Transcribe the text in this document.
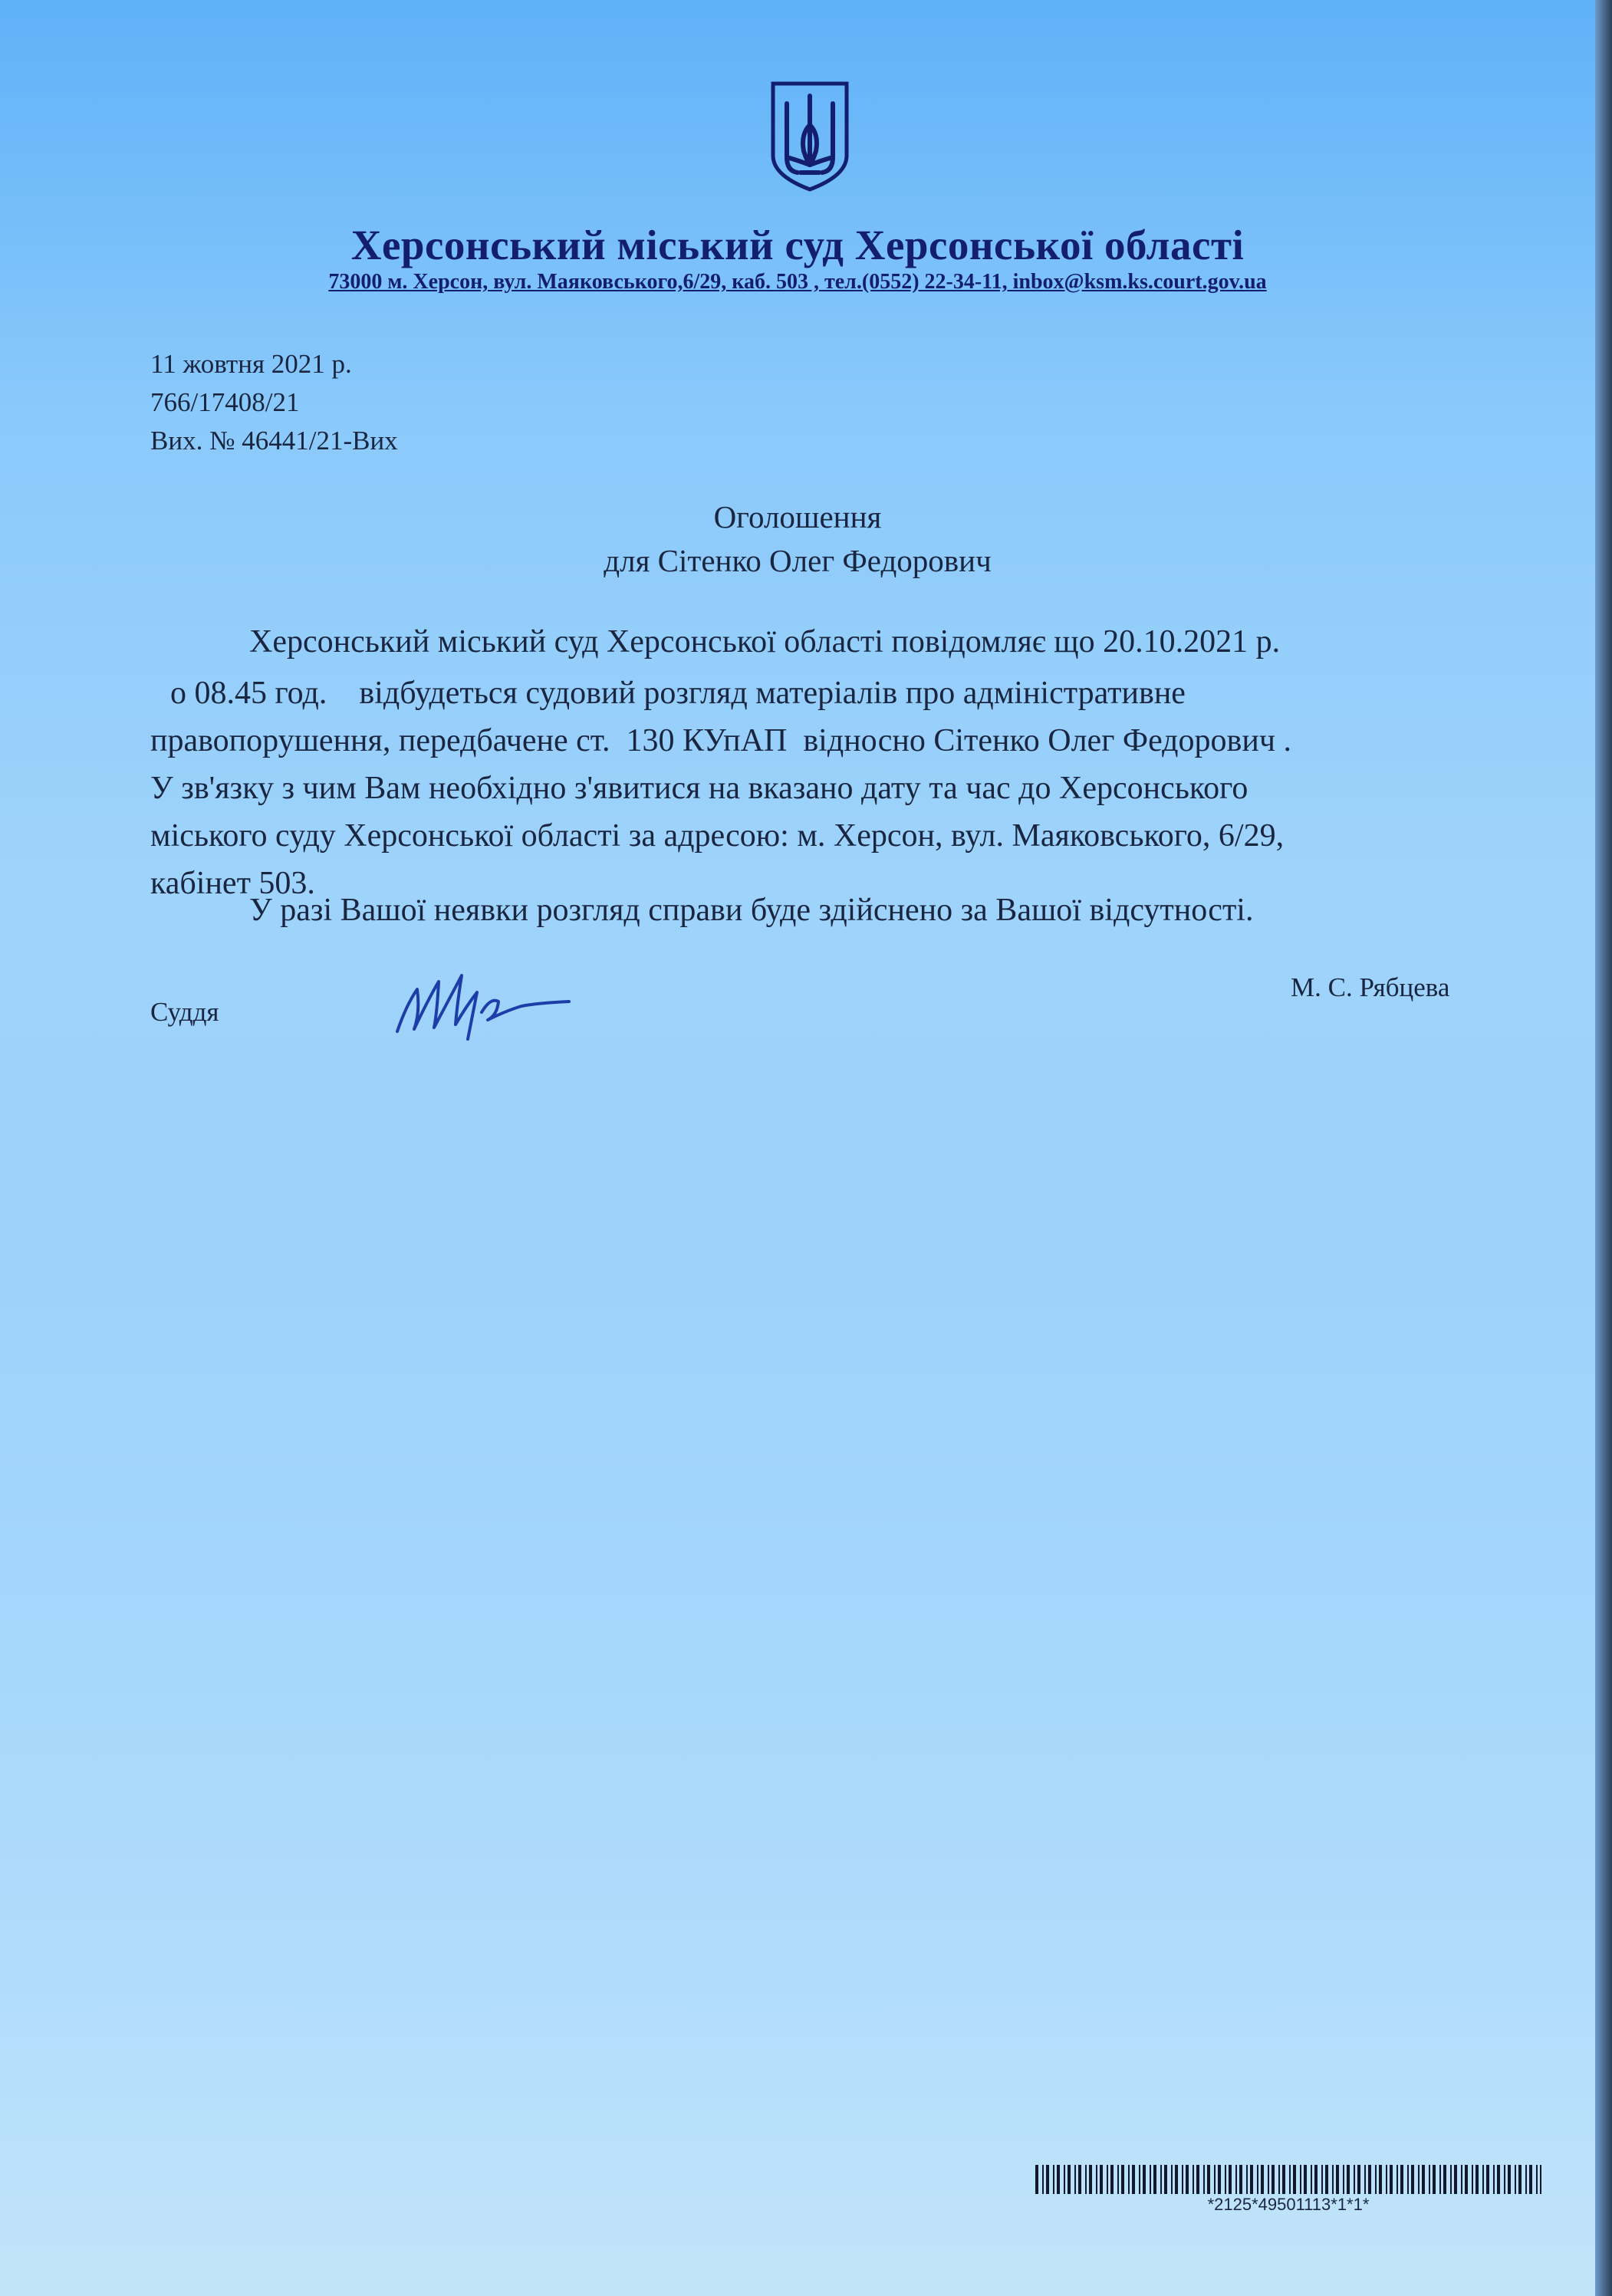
Херсонський міський суд Херсонської області
73000 м. Херсон, вул. Маяковського,6/29, каб. 503 , тел.(0552) 22-34-11, inbox@ksm.ks.court.gov.ua
11 жовтня 2021 р.
766/17408/21
Вих. № 46441/21-Вих
Оголошення
для Сітенко Олег Федорович
Херсонський міський суд Херсонської області повідомляє що 20.10.2021 р.
о 08.45 год.    відбудеться судовий розгляд матеріалів про адміністративне
правопорушення, передбачене ст.  130 КУпАП  відносно Сітенко Олег Федорович .
У зв'язку з чим Вам необхідно з'явитися на вказано дату та час до Херсонського
міського суду Херсонської області за адресою: м. Херсон, вул. Маяковського, 6/29,
кабінет 503.
У разі Вашої неявки розгляд справи буде здійснено за Вашої відсутності.
Суддя
М. С. Рябцева
*2125*49501113*1*1*
